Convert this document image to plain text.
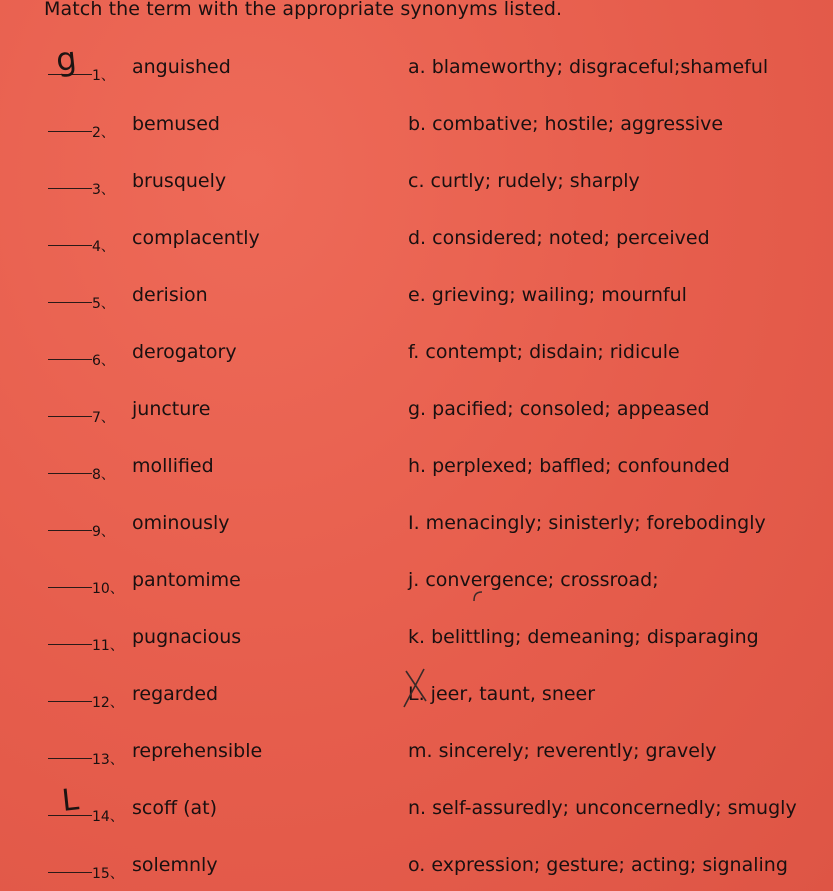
Match the term with the appropriate synonyms listed.
g 1、 anguished	a. blameworthy; disgraceful;shameful
2、 bemused	b. combative; hostile; aggressive
3、 brusquely	c. curtly; rudely; sharply
4、 complacently	d. considered; noted; perceived
5、 derision	e. grieving; wailing; mournful
6、 derogatory	f. contempt; disdain; ridicule
7、 juncture	g. pacified; consoled; appeased
8、 mollified	h. perplexed; baffled; confounded
9、 ominously	I. menacingly; sinisterly; forebodingly
10、 pantomime	j. convergence; crossroad;
11、 pugnacious	k. belittling; demeaning; disparaging
12、 regarded	L. jeer, taunt, sneer
13、 reprehensible	m. sincerely; reverently; gravely
L 14、 scoff (at)	n. self-assuredly; unconcernedly; smugly
15、 solemnly	o. expression; gesture; acting; signaling
